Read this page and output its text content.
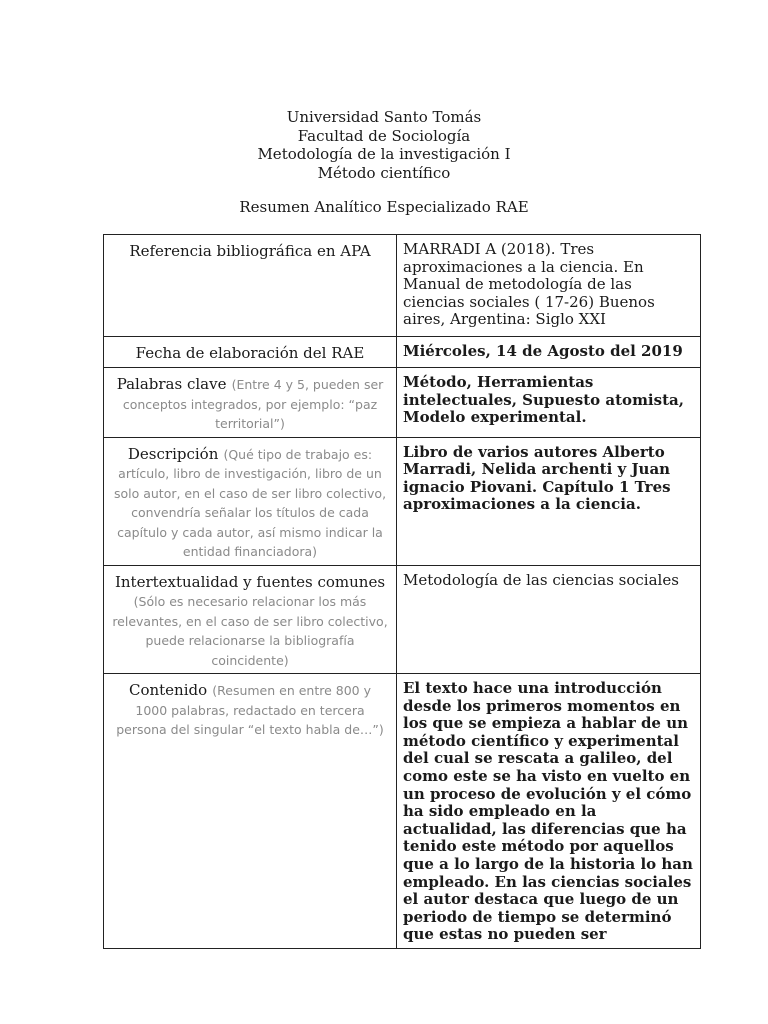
Universidad Santo Tomás
Facultad de Sociología
Metodología de la investigación I
Método científico
Resumen Analítico Especializado RAE
Referencia bibliográfica en APA	MARRADI A (2018). Tres aproximaciones a la ciencia. En Manual de metodología de las ciencias sociales ( 17-26) Buenos aires, Argentina: Siglo XXI

Fecha de elaboración del RAE	Miércoles, 14 de Agosto del 2019

Palabras clave (Entre 4 y 5, pueden ser conceptos integrados, por ejemplo: “paz territorial”)	Método, Herramientas intelectuales, Supuesto atomista, Modelo experimental.

Descripción (Qué tipo de trabajo es: artículo, libro de investigación, libro de un solo autor, en el caso de ser libro colectivo, convendría señalar los títulos de cada capítulo y cada autor, así mismo indicar la entidad financiadora)	Libro de varios autores Alberto Marradi, Nelida archenti y Juan ignacio Piovani. Capítulo 1 Tres aproximaciones a la ciencia.

Intertextualidad y fuentes comunes (Sólo es necesario relacionar los más relevantes, en el caso de ser libro colectivo, puede relacionarse la bibliografía coincidente)	Metodología de las ciencias sociales

Contenido (Resumen en entre 800 y 1000 palabras, redactado en tercera persona del singular “el texto habla de…”)	El texto hace una introducción desde los primeros momentos en los que se empieza a hablar de un método científico y experimental del cual se rescata a galileo, del como este se ha visto en vuelto en un proceso de evolución y el cómo ha sido empleado en la actualidad, las diferencias que ha tenido este método por aquellos que a lo largo de la historia lo han empleado. En las ciencias sociales el autor destaca que luego de un periodo de tiempo se determinó que estas no pueden ser
